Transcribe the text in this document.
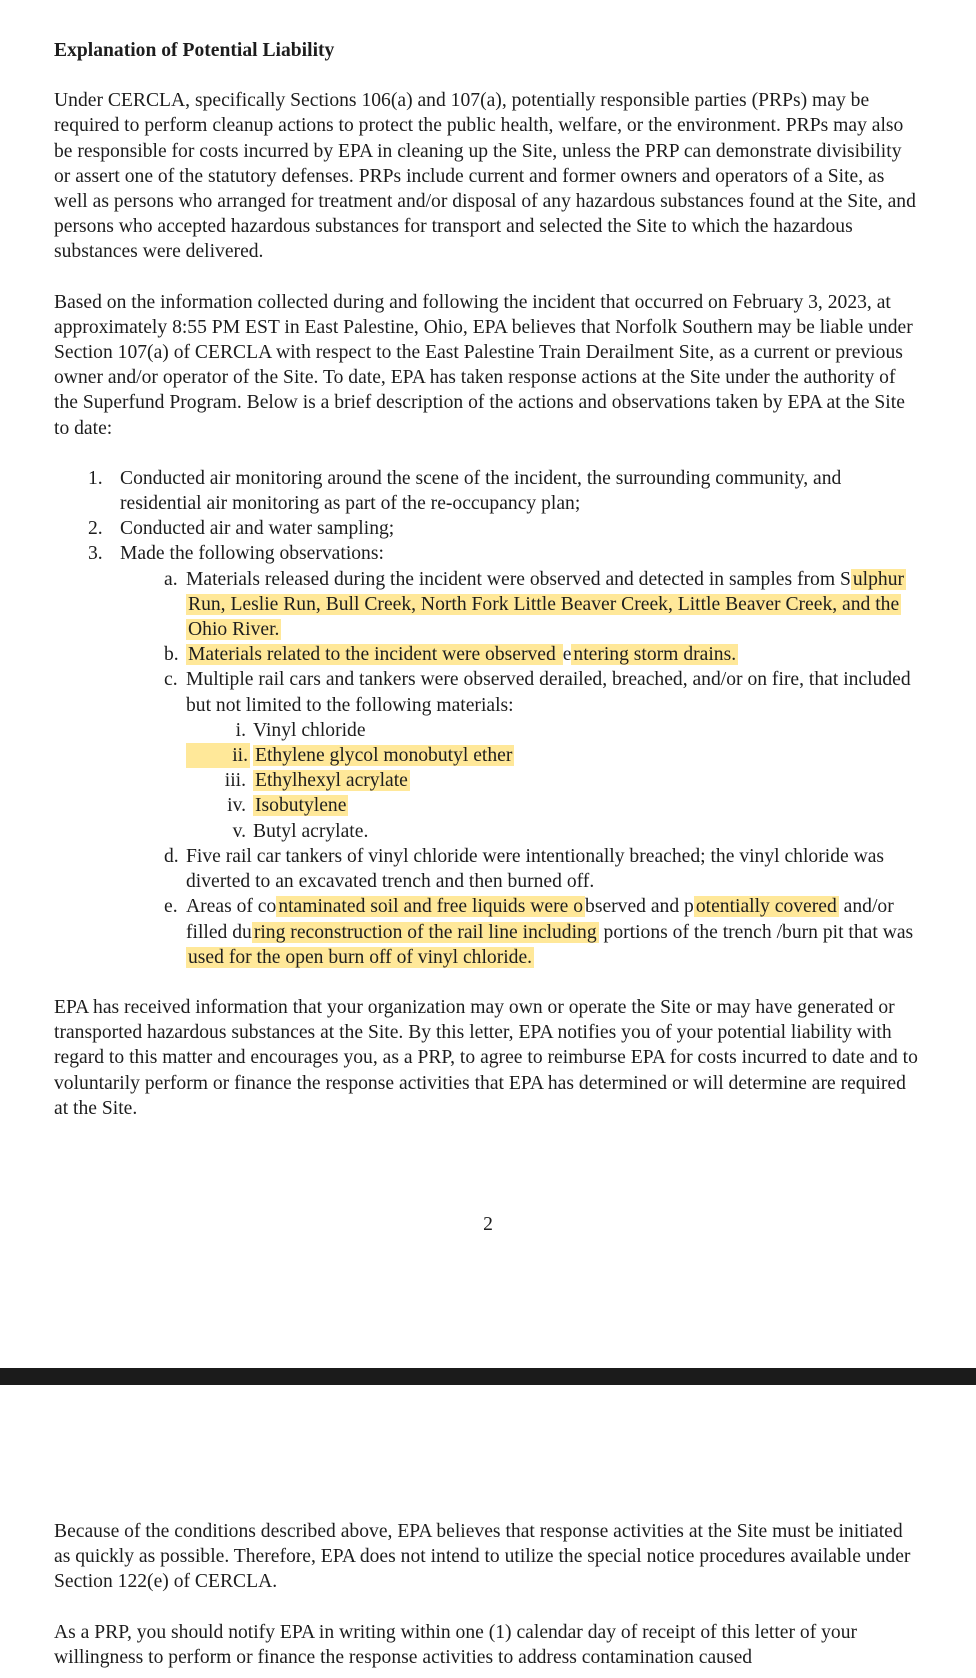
Explanation of Potential Liability

Under CERCLA, specifically Sections 106(a) and 107(a), potentially responsible parties (PRPs) may be required to perform cleanup actions to protect the public health, welfare, or the environment. PRPs may also be responsible for costs incurred by EPA in cleaning up the Site, unless the PRP can demonstrate divisibility or assert one of the statutory defenses. PRPs include current and former owners and operators of a Site, as well as persons who arranged for treatment and/or disposal of any hazardous substances found at the Site, and persons who accepted hazardous substances for transport and selected the Site to which the hazardous substances were delivered.

Based on the information collected during and following the incident that occurred on February 3, 2023, at approximately 8:55 PM EST in East Palestine, Ohio, EPA believes that Norfolk Southern may be liable under Section 107(a) of CERCLA with respect to the East Palestine Train Derailment Site, as a current or previous owner and/or operator of the Site. To date, EPA has taken response actions at the Site under the authority of the Superfund Program. Below is a brief description of the actions and observations taken by EPA at the Site to date:

1. Conducted air monitoring around the scene of the incident, the surrounding community, and residential air monitoring as part of the re-occupancy plan;
2. Conducted air and water sampling;
3. Made the following observations:
a. Materials released during the incident were observed and detected in samples from S ulphur Run, Leslie Run, Bull Creek, North Fork Little Beaver Creek, Little Beaver Creek, and the Ohio River.
b. Materials related to the incident were observed e ntering storm drains.
c. Multiple rail cars and tankers were observed derailed, breached, and/or on fire, that included but not limited to the following materials:
i. Vinyl chloride
ii. Ethylene glycol monobutyl ether
iii. Ethylhexyl acrylate
iv. Isobutylene
v. Butyl acrylate.
d. Five rail car tankers of vinyl chloride were intentionally breached; the vinyl chloride was diverted to an excavated trench and then burned off.
e. Areas of co ntaminated soil and free liquids were o bserved and p otentially covered and/or filled du ring reconstruction of the rail line including portions of the trench /burn pit that was used for the open burn off of vinyl chloride.

EPA has received information that your organization may own or operate the Site or may have generated or transported hazardous substances at the Site. By this letter, EPA notifies you of your potential liability with regard to this matter and encourages you, as a PRP, to agree to reimburse EPA for costs incurred to date and to voluntarily perform or finance the response activities that EPA has determined or will determine are required at the Site.

2

Because of the conditions described above, EPA believes that response activities at the Site must be initiated as quickly as possible. Therefore, EPA does not intend to utilize the special notice procedures available under Section 122(e) of CERCLA.

As a PRP, you should notify EPA in writing within one (1) calendar day of receipt of this letter of your willingness to perform or finance the response activities to address contamination caused
